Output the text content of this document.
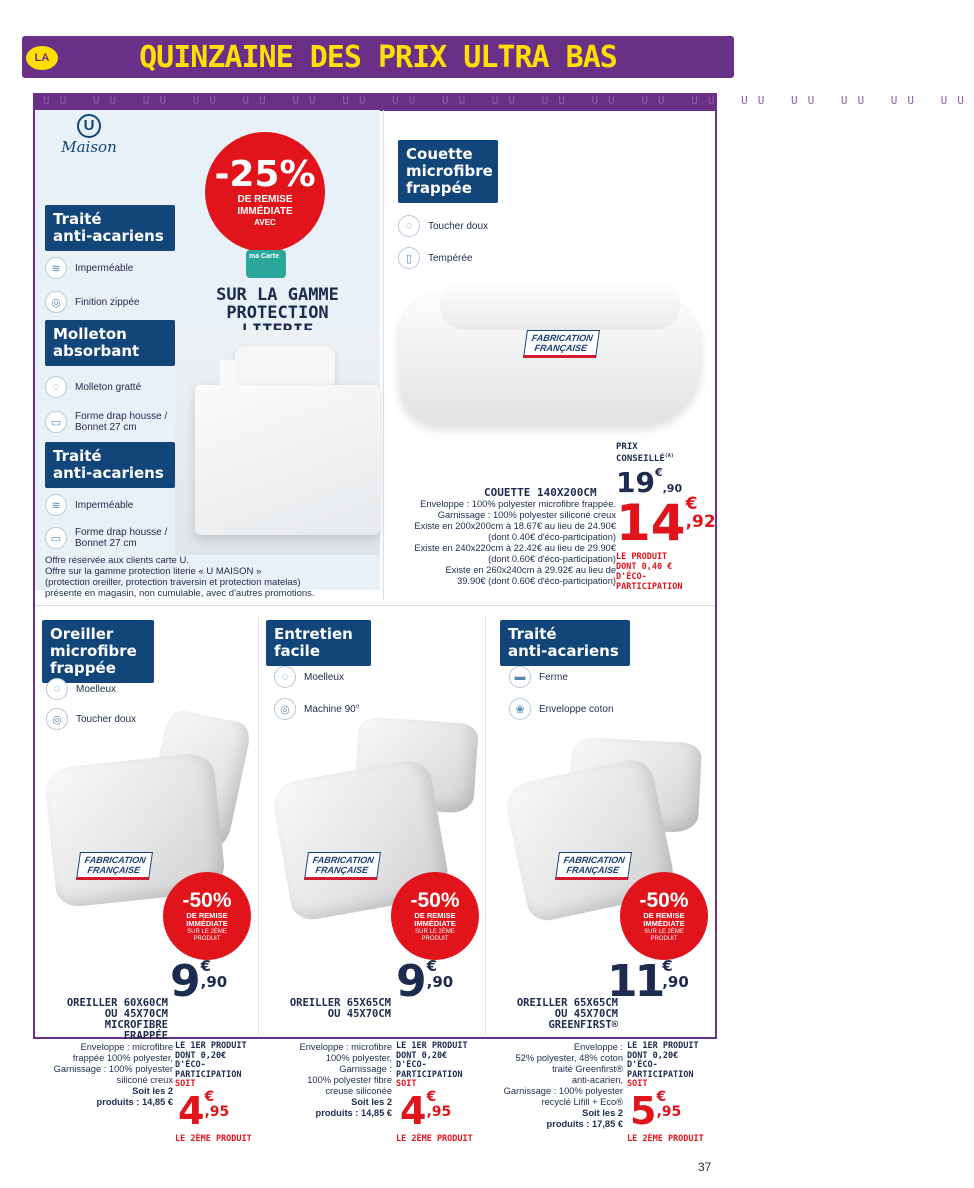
QUINZAINE DES PRIX ULTRA BAS
LA
UU UU UU UU UU UU UU UU UU UU UU UU UU UU UU UU UU UU UU
U
Maison
-25%
DE REMISE
IMMÉDIATE
AVEC
ma Carte
SUR LA GAMME
PROTECTION
Traité
anti-acariens
≋	Imperméable
◎	Finition zippée
Molleton
absorbant
◌	Molleton gratté
▭	Forme drap housse /
Bonnet 27 cm
Traité
anti-acariens
≋	Imperméable
▭	Forme drap housse /
Bonnet 27 cm
Offre réservée aux clients carte U.
Offre sur la gamme protection literie « U MAISON »
(protection oreiller, protection traversin et protection matelas)
présente en magasin, non cumulable, avec d'autres promotions.
Couette
microfibre
frappée
◌	Toucher doux
▯	Tempérée
FABRICATION
FRANÇAISE
PRIX $CONSEILLÉ^{(A)}$
19€,90
COUETTE 140X200CM
Enveloppe : 100% polyester microfibre frappée.
Garnissage : 100% polyester siliconé creux
Existe en 200x200cm à 18.67€ au lieu de 24.90€
(dont 0.40€ d'éco-participation)
Existe en 240x220cm à 22.42€ au lieu de 29.90€
(dont 0.60€ d'éco-participation)
Existe en 260x240cm à 29.92€ au lieu de
39.90€ (dont 0.60€ d'éco-participation)
14€
,92
LE PRODUIT
DONT 0,40 €
D'ÉCO-
PARTICIPATION
Oreiller
microfibre
frappée
◌	Moelleux
◎	Toucher doux
FABRICATION
FRANÇAISE
-50%
DE REMISE
IMMÉDIATE
SUR LE 2ÈME
PRODUIT
9€
,90
OREILLER 60X60CM
OU 45X70CM
MICROFIBRE
FRAPPÉE
Entretien
facile
◌	Moelleux
◎	Machine 90°
FABRICATION
FRANÇAISE
-50%
DE REMISE
IMMÉDIATE
SUR LE 2ÈME
PRODUIT
9€
,90
OREILLER 65X65CM
OU 45X70CM
Traité
anti-acariens
▬	Ferme
❀	Enveloppe coton
FABRICATION
FRANÇAISE
-50%
DE REMISE
IMMÉDIATE
SUR LE 2ÈME
PRODUIT
11€
,90
OREILLER 65X65CM
OU 45X70CM
GREENFIRST®
Enveloppe : microfibre
frappée 100% polyester,
Garnissage : 100% polyester
siliconé creux
Soit les 2
produits : 14,85 €
LE 1ER PRODUIT
DONT 0,20€
D'ÉCO-
PARTICIPATION
SOIT
Enveloppe : microfibre
100% polyester,
Garnissage :
100% polyester fibre
creuse siliconée
Soit les 2
produits : 14,85 €
LE 1ER PRODUIT
DONT 0,20€
D'ÉCO-
PARTICIPATION
SOIT
Enveloppe :
52% polyester, 48% coton
traité Greenfirst®
anti-acarien,
Garnissage : 100% polyester
recyclé Lifill + Eco®
Soit les 2
produits : 17,85 €
LE 1ER PRODUIT
DONT 0,20€
D'ÉCO-
PARTICIPATION
SOIT
4€
,95
LE 2ÈME PRODUIT
4€
,95
LE 2ÈME PRODUIT
5€
,95
LE 2ÈME PRODUIT
37
